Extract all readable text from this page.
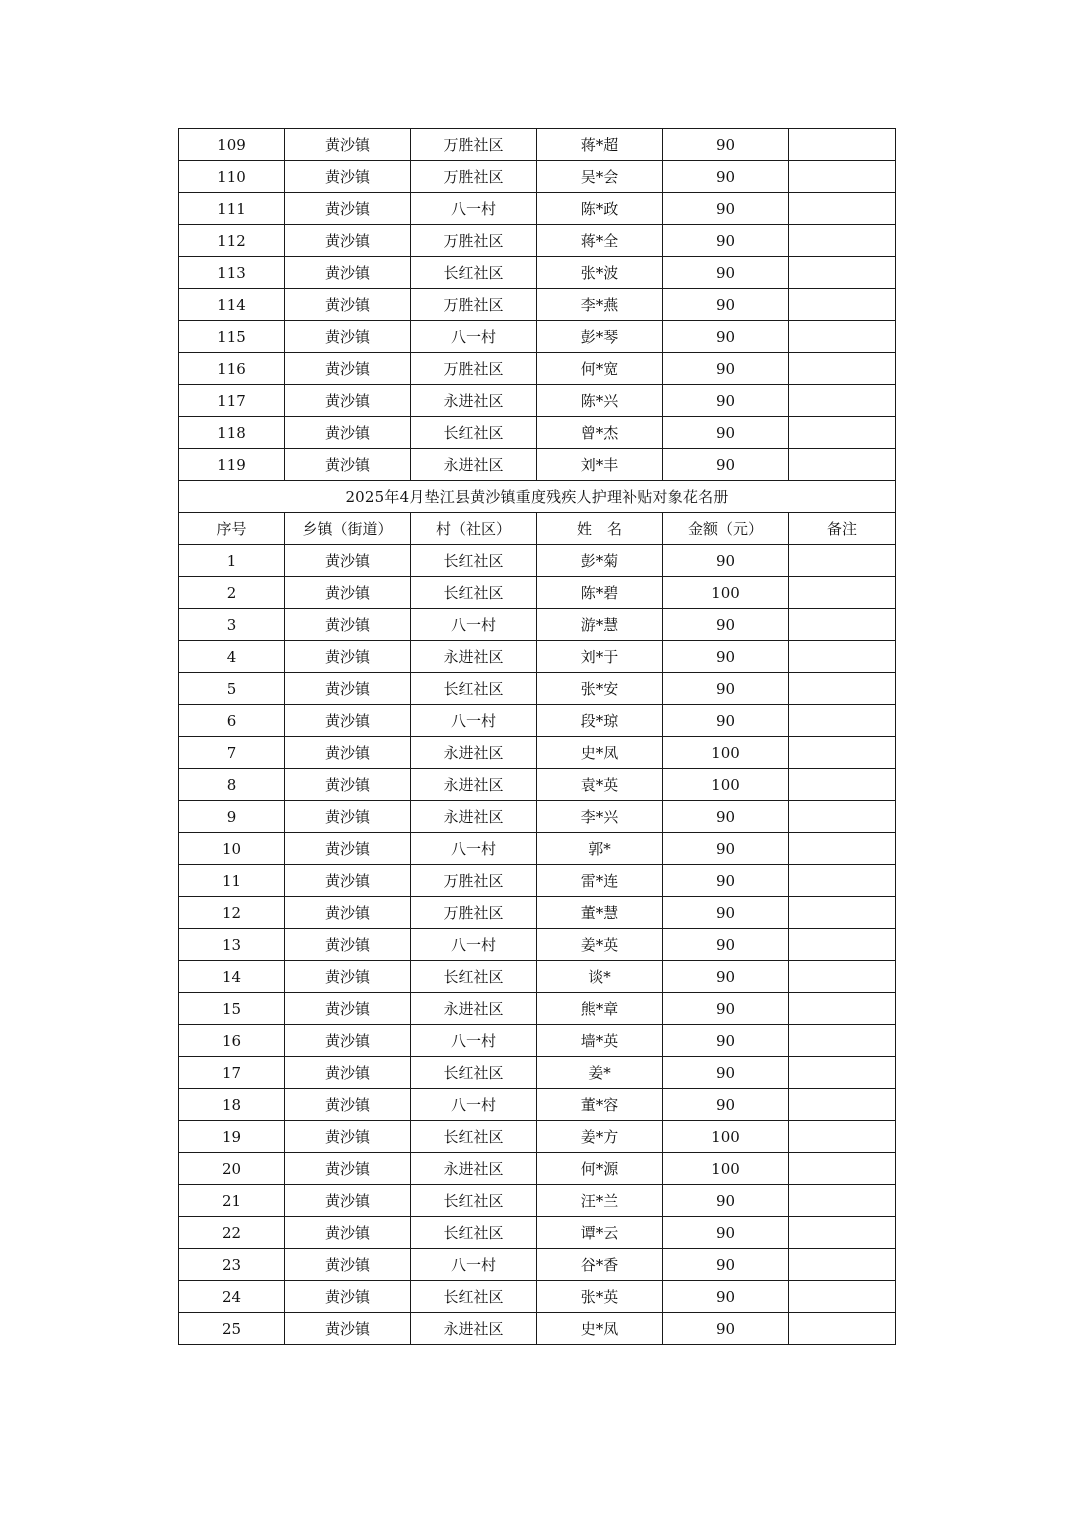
109	黄沙镇	万胜社区	蒋*超	90	
110	黄沙镇	万胜社区	吴*会	90	
111	黄沙镇	八一村	陈*政	90	
112	黄沙镇	万胜社区	蒋*全	90	
113	黄沙镇	长红社区	张*波	90	
114	黄沙镇	万胜社区	李*燕	90	
115	黄沙镇	八一村	彭*琴	90	
116	黄沙镇	万胜社区	何*宽	90	
117	黄沙镇	永进社区	陈*兴	90	
118	黄沙镇	长红社区	曾*杰	90	
119	黄沙镇	永进社区	刘*丰	90	
2025年4月垫江县黄沙镇重度残疾人护理补贴对象花名册					
序号	乡镇（街道）	村（社区）	姓　名	金额（元）	备注
1	黄沙镇	长红社区	彭*菊	90	
2	黄沙镇	长红社区	陈*碧	100	
3	黄沙镇	八一村	游*慧	90	
4	黄沙镇	永进社区	刘*于	90	
5	黄沙镇	长红社区	张*安	90	
6	黄沙镇	八一村	段*琼	90	
7	黄沙镇	永进社区	史*凤	100	
8	黄沙镇	永进社区	袁*英	100	
9	黄沙镇	永进社区	李*兴	90	
10	黄沙镇	八一村	郭*	90	
11	黄沙镇	万胜社区	雷*连	90	
12	黄沙镇	万胜社区	董*慧	90	
13	黄沙镇	八一村	姜*英	90	
14	黄沙镇	长红社区	谈*	90	
15	黄沙镇	永进社区	熊*章	90	
16	黄沙镇	八一村	墙*英	90	
17	黄沙镇	长红社区	姜*	90	
18	黄沙镇	八一村	董*容	90	
19	黄沙镇	长红社区	姜*方	100	
20	黄沙镇	永进社区	何*源	100	
21	黄沙镇	长红社区	汪*兰	90	
22	黄沙镇	长红社区	谭*云	90	
23	黄沙镇	八一村	谷*香	90	
24	黄沙镇	长红社区	张*英	90	
25	黄沙镇	永进社区	史*凤	90	
